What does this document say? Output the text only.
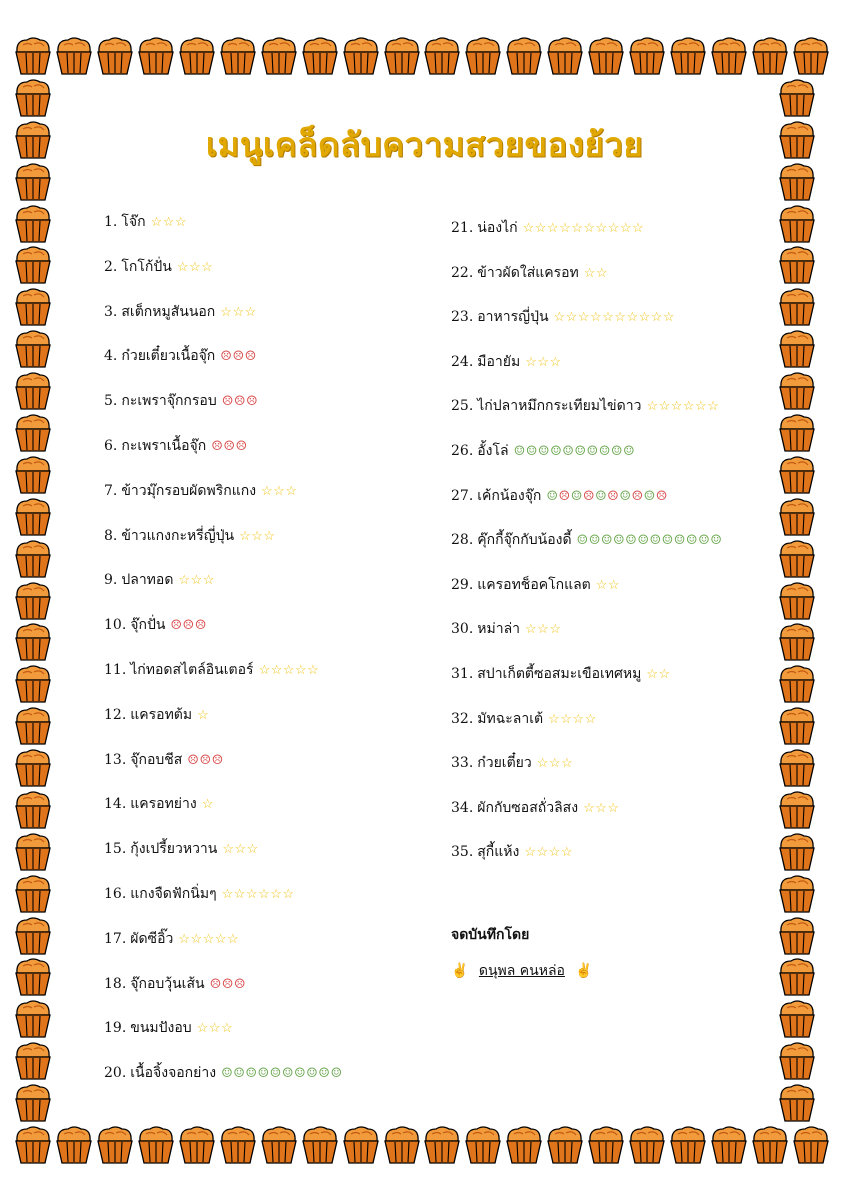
เมนูเคล็ดลับความสวยของย้วย
1. โจ๊ก ☆☆☆
2. โกโก้ปั่น ☆☆☆
3. สเต็กหมูสันนอก ☆☆☆
4. ก๋วยเตี๋ยวเนื้อจุ๊ก ☹☹☹
5. กะเพราจุ๊กกรอบ ☹☹☹
6. กะเพราเนื้อจุ๊ก ☹☹☹
7. ข้าวมุ๊กรอบผัดพริกแกง ☆☆☆
8. ข้าวแกงกะหรี่ญี่ปุ่น ☆☆☆
9. ปลาทอด ☆☆☆
10. จุ๊กปั่น ☹☹☹
11. ไก่ทอดสไตล์อินเตอร์ ☆☆☆☆☆
12. แครอทต้ม ☆
13. จุ๊กอบชีส ☹☹☹
14. แครอทย่าง ☆
15. กุ้งเปรี้ยวหวาน ☆☆☆
16. แกงจืดฟักนิ่มๆ ☆☆☆☆☆☆
17. ผัดซีอิ๊ว ☆☆☆☆☆
18. จุ๊กอบวุ้นเส้น ☹☹☹
19. ขนมปังอบ ☆☆☆
20. เนื้อจิ้งจอกย่าง ☺☺☺☺☺☺☺☺☺☺
21. น่องไก่ ☆☆☆☆☆☆☆☆☆☆
22. ข้าวผัดใส่แครอท ☆☆
23. อาหารญี่ปุ่น ☆☆☆☆☆☆☆☆☆☆
24. มือายัม ☆☆☆
25. ไก่ปลาหมึกกระเทียมไข่ดาว ☆☆☆☆☆☆
26. อั้งโล่ ☺☺☺☺☺☺☺☺☺☺
27. เค้กน้องจุ๊ก ☺☹☺☹☺☹☺☹☺☹
28. คุ๊กกี้จุ๊กกับน้องดี้ ☺☺☺☺☺☺☺☺☺☺☺☺
29. แครอทช็อคโกแลต ☆☆
30. หม่าล่า ☆☆☆
31. สปาเก็ตตี้ซอสมะเขือเทศหมู ☆☆
32. มัทฉะลาเต้ ☆☆☆☆
33. ก๋วยเตี๋ยว ☆☆☆
34. ผักกับซอสถั่วลิสง ☆☆☆
35. สุกี้แห้ง ☆☆☆☆
จดบันทึกโดย
✌ ดนุพล คนหล่อ ✌
